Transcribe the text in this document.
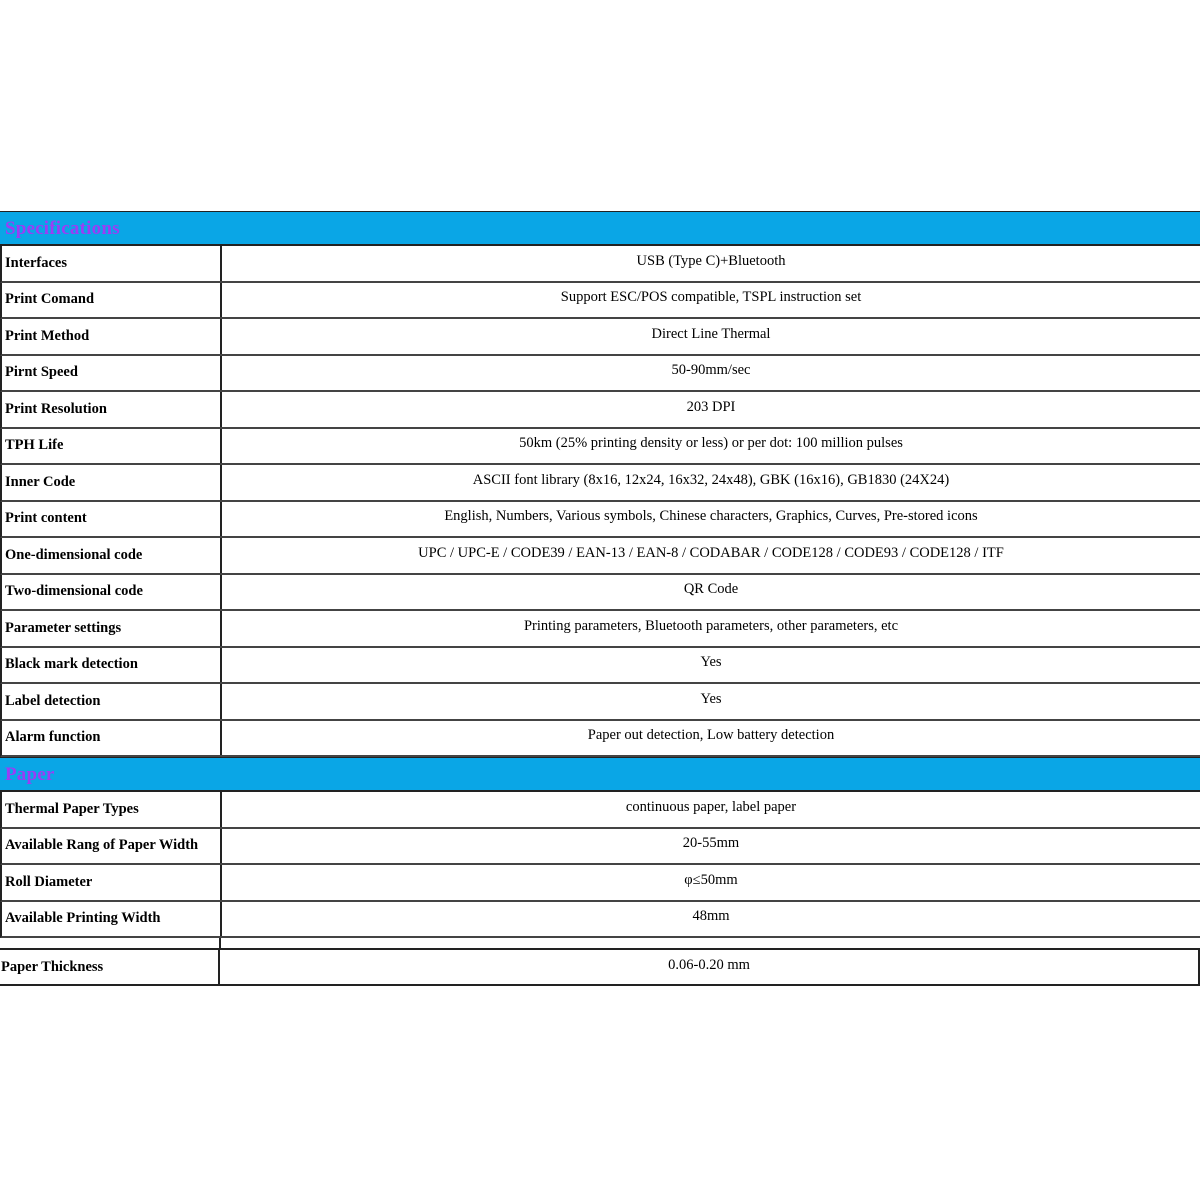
Specifications
Interfaces	USB (Type C)+Bluetooth
Print Comand	Support ESC/POS compatible, TSPL instruction set
Print Method	Direct Line Thermal
Pirnt Speed	50-90mm/sec
Print Resolution	203 DPI
TPH Life	50km (25% printing density or less) or per dot: 100 million pulses
Inner Code	ASCII font library (8x16, 12x24, 16x32, 24x48), GBK (16x16), GB1830 (24X24)
Print content	English, Numbers, Various symbols, Chinese characters, Graphics, Curves, Pre-stored icons
One-dimensional code	UPC / UPC-E / CODE39 / EAN-13 / EAN-8 / CODABAR / CODE128 / CODE93 / CODE128 / ITF
Two-dimensional code	QR Code
Parameter settings	Printing parameters, Bluetooth parameters, other parameters, etc
Black mark detection	Yes
Label detection	Yes
Alarm function	Paper out detection, Low battery detection
Paper
Thermal Paper Types	continuous paper, label paper
Available Rang of Paper Width	20-55mm
Roll Diameter	φ≤50mm
Available Printing Width	48mm
Paper Thickness	0.06-0.20 mm
